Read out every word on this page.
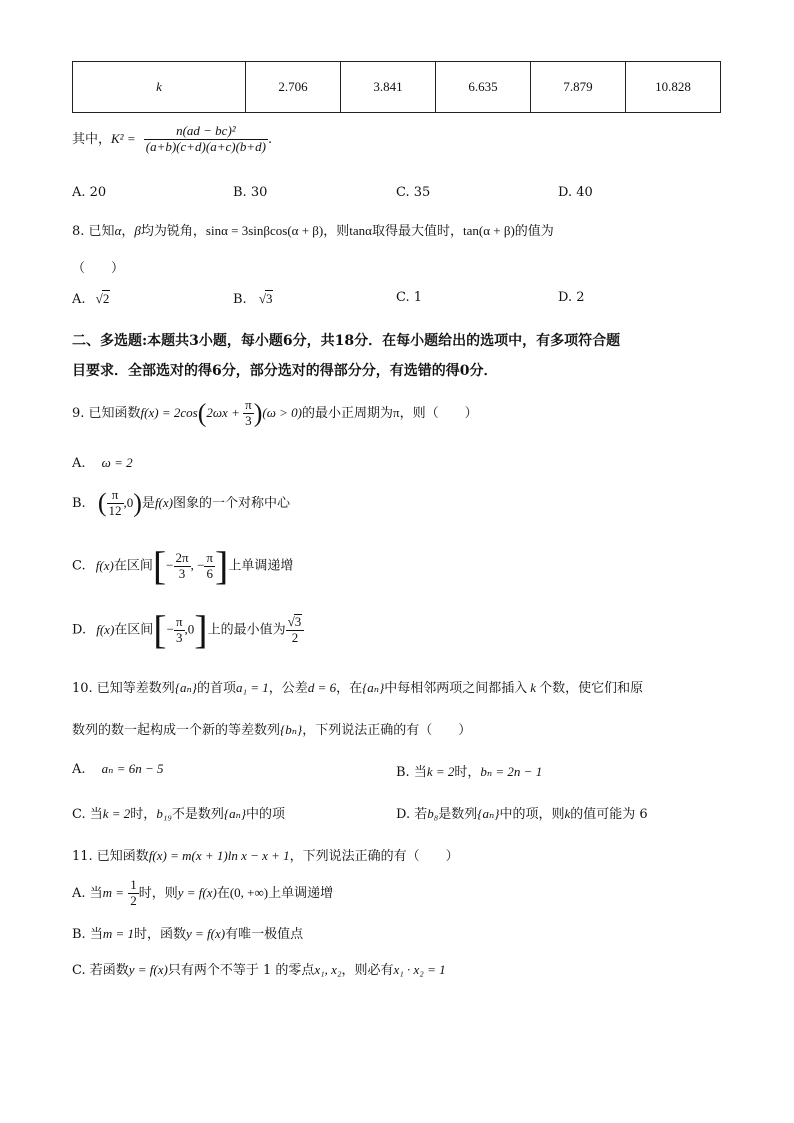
k	2.706	3.841	6.635	7.879	10.828
其中，$K^2 = \frac{\text{n(ad − bc)²}}{(a+b)(c+d)(a+c)(b+d)}$ .
A. 20	B. 30	C. 35	D. 40
8. 已知α，β均为锐角，sinα = 3sinβcos(α + β)，则tanα取得最大值时，tan(α + β)的值为
（　　）
A. √2	B. √3	C. 1	D. 2
二、多选题:本题共3小题，每小题6分，共18分．在每小题给出的选项中，有多项符合题
目要求．全部选对的得6分，部分选对的得部分分，有选错的得0分．
9. 已知函数$f(x) = 2\cos(2\omega x + \frac{\pi}{3} )(\omega > 0)$的最小正周期为π，则（　　）
A. ω = 2
B. ( $\frac{\pi}{12} ,0$)是f(x)图象的一个对称中心
C. f(x)在区间[− $\frac{2\pi}{3}$ , − $\frac{\pi}{6}$ ]上单调递增
D. f(x)在区间[− $\frac{\pi}{3} ,0$]上的最小值为 $\frac{√3}{2}$
10. 已知等差数列{aₙ}的首项a₁ = 1，公差d = 6，在{aₙ}中每相邻两项之间都插入 k 个数，使它们和原
数列的数一起构成一个新的等差数列{bₙ}，下列说法正确的有（　　）
A. aₙ = 6n − 5	B. 当k = 2时，bₙ = 2n − 1
C. 当k = 2时，b₁₉不是数列{aₙ}中的项	D. 若b₈是数列{aₙ}中的项，则k的值可能为 6
11. 已知函数f(x) = m(x + 1)ln x − x + 1，下列说法正确的有（　　）
A. 当$m = \frac{1}{2}$ 时，则y = f(x)在(0, +∞)上单调递增
B. 当m = 1时，函数y = f(x)有唯一极值点
C. 若函数y = f(x)只有两个不等于 1 的零点x₁, x₂，则必有x₁ · x₂ = 1
